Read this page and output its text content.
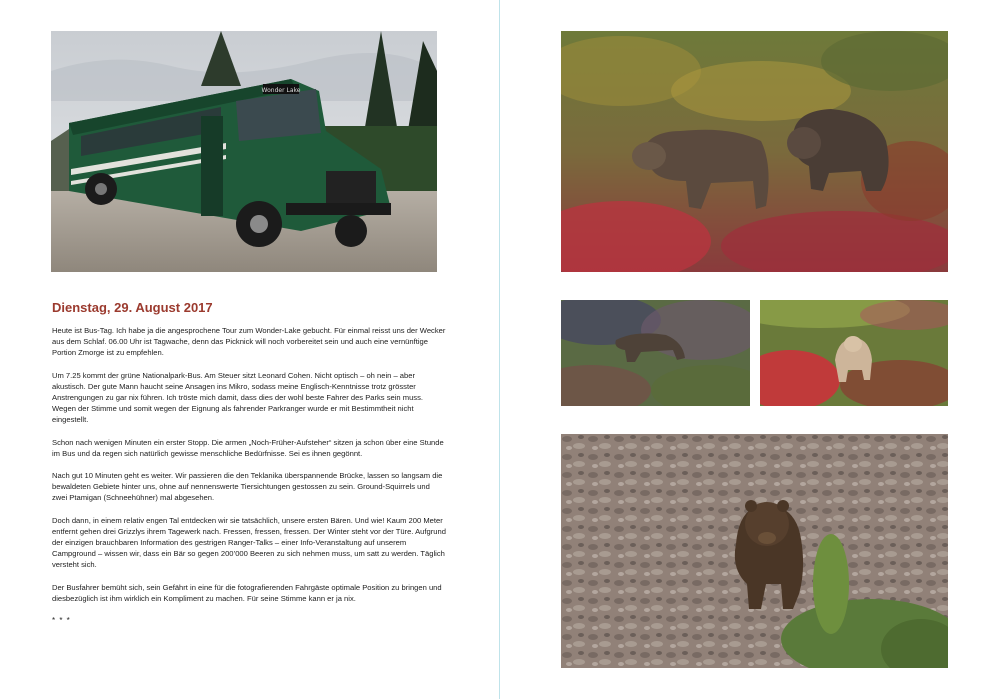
Wonder Lake
Dienstag, 29. August 2017

Heute ist Bus-Tag. Ich habe ja die angesprochene Tour zum Wonder-Lake gebucht. Für einmal reisst uns der Wecker aus dem Schlaf. 06.00 Uhr ist Tagwache, denn das Picknick will noch vorbereitet sein und auch eine vernünftige Portion Zmorge ist zu empfehlen.

Um 7.25 kommt der grüne Nationalpark-Bus. Am Steuer sitzt Leonard Cohen. Nicht optisch – oh nein – aber akustisch. Der gute Mann haucht seine Ansagen ins Mikro, sodass meine Englisch-Kenntnisse trotz grösster Anstrengungen zu gar nix führen. Ich tröste mich damit, dass dies der wohl beste Fahrer des Parks sein muss. Wegen der Stimme und somit wegen der Eignung als fahrender Parkranger wurde er mit Bestimmtheit nicht eingestellt.

Schon nach wenigen Minuten ein erster Stopp. Die armen „Noch-Früher-Aufsteher“ sitzen ja schon über eine Stunde im Bus und da regen sich natürlich gewisse menschliche Bedürfnisse. Sei es ihnen gegönnt.

Nach gut 10 Minuten geht es weiter. Wir passieren die den Teklanika überspannende Brücke, lassen so langsam die bewaldeten Gebiete hinter uns, ohne auf nennenswerte Tiersichtungen gestossen zu sein. Ground-Squirrels und zwei Ptamigan (Schneehühner) mal abgesehen.

Doch dann, in einem relativ engen Tal entdecken wir sie tatsächlich, unsere ersten Bären. Und wie! Kaum 200 Meter entfernt gehen drei Grizzlys ihrem Tagewerk nach. Fressen, fressen, fressen. Der Winter steht vor der Türe. Aufgrund der einzigen brauchbaren Information des gestrigen Ranger-Talks – einer Info-Veranstaltung auf unserem Campground – wissen wir, dass ein Bär so gegen 200’000 Beeren zu sich nehmen muss, um satt zu werden. Täglich versteht sich.

Der Busfahrer bemüht sich, sein Gefährt in eine für die fotografierenden Fahrgäste optimale Position zu bringen und diesbezüglich ist ihm wirklich ein Kompliment zu machen. Für seine Stimme kann er ja nix.

* * *
